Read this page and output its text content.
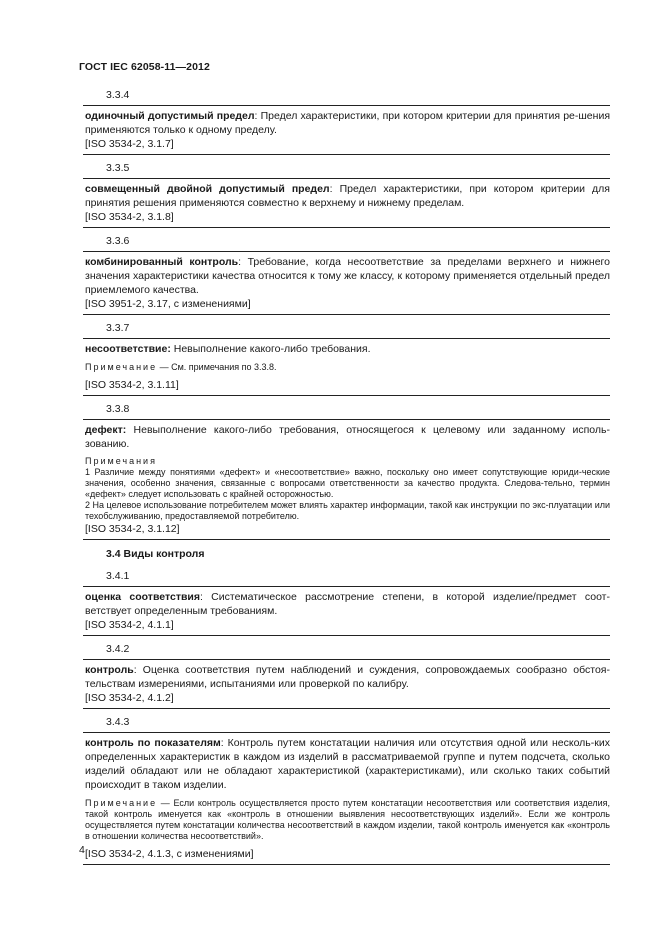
ГОСТ IEC 62058-11—2012
3.3.4

одиночный допустимый предел: Предел характеристики, при котором критерии для принятия ре-шения применяются только к одному пределу.

[ISO 3534-2, 3.1.7]

3.3.5

совмещенный двойной допустимый предел: Предел характеристики, при котором критерии для принятия решения применяются совместно к верхнему и нижнему пределам.

[ISO 3534-2, 3.1.8]

3.3.6

комбинированный контроль: Требование, когда несоответствие за пределами верхнего и нижнего значения характеристики качества относится к тому же классу, к которому применяется отдельный предел приемлемого качества.

[ISO 3951-2, 3.17, с изменениями]

3.3.7

несоответствие: Невыполнение какого-либо требования.

Примечание — См. примечания по 3.3.8.

[ISO 3534-2, 3.1.11]

3.3.8

дефект: Невыполнение какого-либо требования, относящегося к целевому или заданному исполь-зованию.

Примечания

1 Различие между понятиями «дефект» и «несоответствие» важно, поскольку оно имеет сопутствующие юриди-ческие значения, особенно значения, связанные с вопросами ответственности за качество продукта. Следова-тельно, термин «дефект» следует использовать с крайней осторожностью.

2 На целевое использование потребителем может влиять характер информации, такой как инструкции по экс-плуатации или техобслуживанию, предоставляемой потребителю.

[ISO 3534-2, 3.1.12]

3.4 Виды контроля
3.4.1

оценка соответствия: Систематическое рассмотрение степени, в которой изделие/предмет соот-ветствует определенным требованиям.

[ISO 3534-2, 4.1.1]

3.4.2

контроль: Оценка соответствия путем наблюдений и суждения, сопровождаемых сообразно обстоя-тельствам измерениями, испытаниями или проверкой по калибру.

[ISO 3534-2, 4.1.2]

3.4.3

контроль по показателям: Контроль путем констатации наличия или отсутствия одной или несколь-ких определенных характеристик в каждом из изделий в рассматриваемой группе и путем подсчета, сколько изделий обладают или не обладают характеристикой (характеристиками), или сколько таких событий происходит в таком изделии.

Примечание — Если контроль осуществляется просто путем констатации несоответствия или соответствия изделия, такой контроль именуется как «контроль в отношении выявления несоответствующих изделий». Если же контроль осуществляется путем констатации количества несоответствий в каждом изделии, такой контроль именуется как «контроль в отношении количества несоответствий».

[ISO 3534-2, 4.1.3, с изменениями]

4
